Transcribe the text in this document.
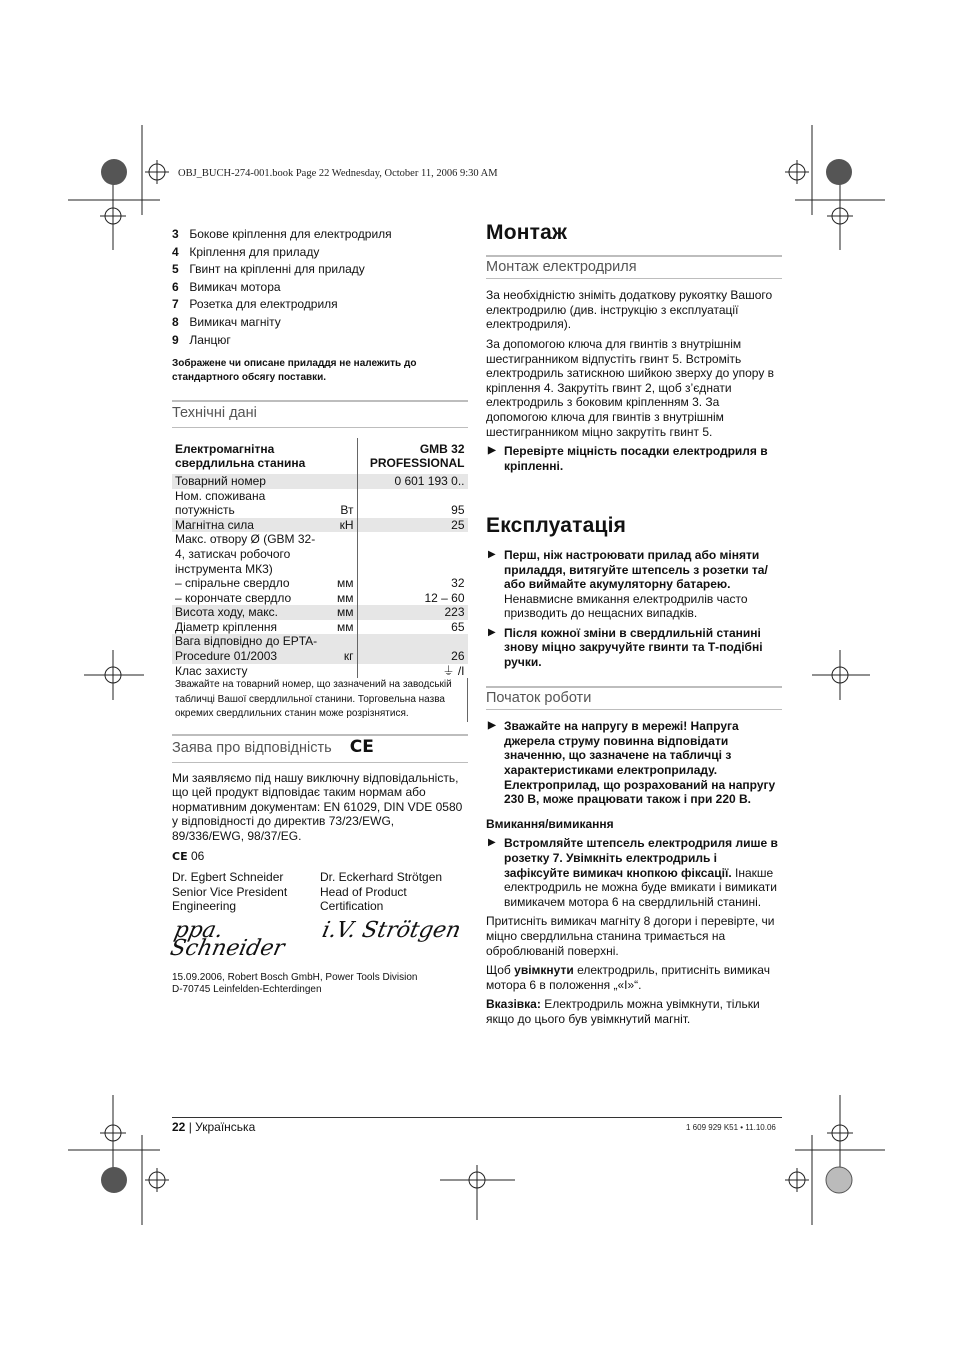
OBJ_BUCH-274-001.book Page 22 Wednesday, October 11, 2006 9:30 AM
3 Бокове кріплення для електродриля
4 Кріплення для приладу
5 Гвинт на кріпленні для приладу
6 Вимикач мотора
7 Розетка для електродриля
8 Вимикач магніту
9 Ланцюг
Зображене чи описане приладдя не належить до стандартного обсягу поставки.
Технічні дані
Електромагнітна свердлильна станина		GMB 32 PROFESSIONAL
Товарний номер		0 601 193 0..
Ном. споживана потужність	Вт	95
Магнітна сила	кН	25
Макс. отвору Ø (GBM 32-4, затискач робочого інструмента МК3)		
– спіральне свердло	мм	32
– корончате свердло	мм	12 – 60
Висота ходу, макс.	мм	223
Діаметр кріплення	мм	65
Вага відповідно до EPTA-Procedure 01/2003	кг	26
Клас захисту		⏚ /I
Зважайте на товарний номер, що зазначений на заводській табличці Вашої свердлильної станини. Торговельна назва окремих свердлильних станин може розрізнятися.		
Заява про відповідність CE

Ми заявляємо під нашу виключну відповідальність, що цей продукт відповідає таким нормам або нормативним документам: EN 61029, DIN VDE 0580 у відповідності до директив 73/23/EWG, 89/336/EWG, 98/37/EG.

CE 06

Dr. Egbert Schneider
Senior Vice President
Engineering
Dr. Eckerhard Strötgen
Head of Product
Certification
ppa. Schneider
i.V. Strötgen
15.09.2006, Robert Bosch GmbH, Power Tools Division
D-70745 Leinfelden-Echterdingen
Монтаж
Монтаж електродриля

За необхідністю зніміть додаткову рукоятку Вашого електродрилю (див. інструкцію з експлуатації електродриля).

За допомогою ключа для гвинтів з внутрішнім шестигранником відпустіть гвинт 5. Встроміть електродриль затискною шийкою зверху до упору в кріплення 4. Закрутіть гвинт 2, щоб з’єднати електродриль з боковим кріпленням 3. За допомогою ключа для гвинтів з внутрішнім шестигранником міцно закрутіть гвинт 5.

▶ Перевірте міцність посадки електродриля в кріпленні.
Експлуатація
▶ Перш, ніж настроювати прилад або міняти приладдя, витягуйте штепсель з розетки та/або виймайте акумуляторну батарею. Ненавмисне вмикання електродрилів часто призводить до нещасних випадків.
▶ Після кожної зміни в свердлильній станині знову міцно закручуйте гвинти та Т-подібні ручки.
Початок роботи
▶ Зважайте на напругу в мережі! Напруга джерела струму повинна відповідати значенню, що зазначене на табличці з характеристиками електроприладу. Електроприлад, що розрахований на напругу 230 В, може працювати також і при 220 В.
Вмикання/вимикання
▶ Встромляйте штепсель електродриля лише в розетку 7. Увімкніть електродриль і зафіксуйте вимикач кнопкою фіксації. Інакше електродриль не можна буде вмикати і вимикати вимикачем мотора 6 на свердлильній станині.

Притисніть вимикач магніту 8 догори і перевірте, чи міцно свердлильна станина тримається на оброблюваній поверхні.

Щоб увімкнути електродриль, притисніть вимикач мотора 6 в положення „«I»“.

Вказівка: Електродриль можна увімкнути, тільки якщо до цього був увімкнутий магніт.

22 | Українська	1 609 929 K51 • 11.10.06
